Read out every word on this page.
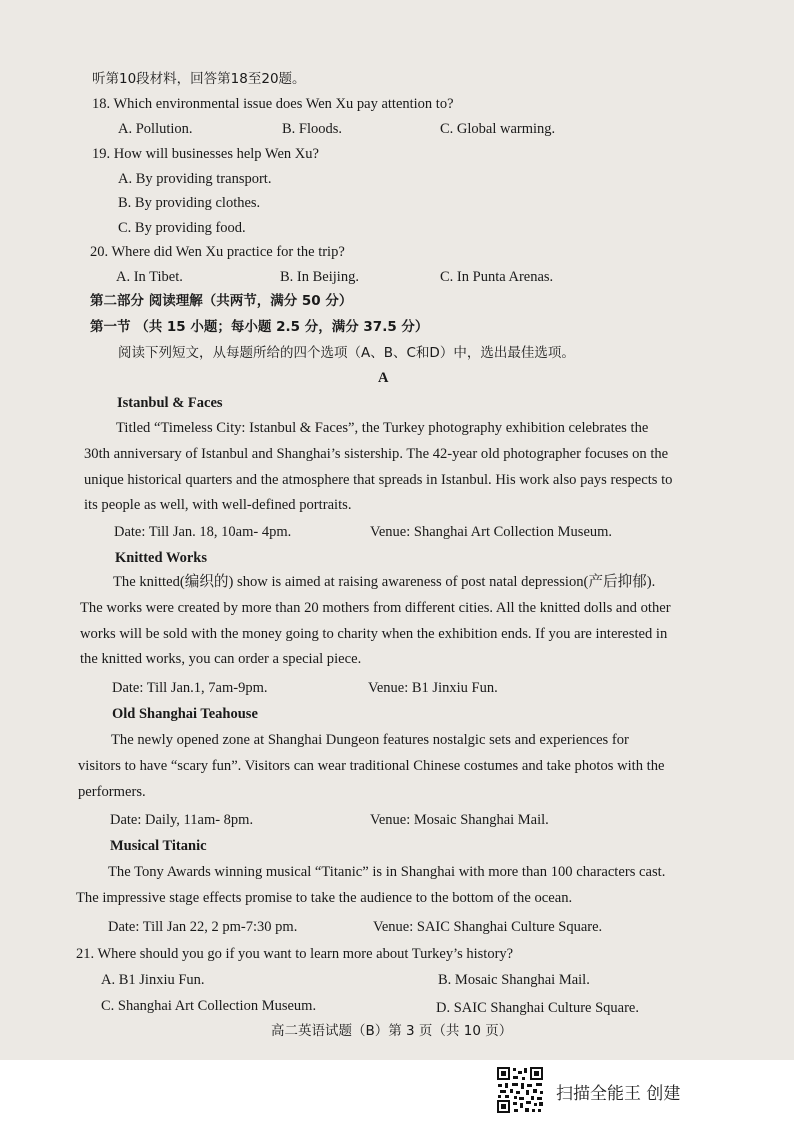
听第10段材料，回答第18至20题。
18. Which environmental issue does Wen Xu pay attention to?
A. Pollution.	B. Floods.	C. Global warming.
19. How will businesses help Wen Xu?
A. By providing transport.
B. By providing clothes.
C. By providing food.
20. Where did Wen Xu practice for the trip?
A. In Tibet.	B. In Beijing.	C. In Punta Arenas.
第二部分 阅读理解（共两节，满分 50 分）
第一节 （共 15 小题；每小题 2.5 分，满分 37.5 分）
阅读下列短文，从每题所给的四个选项（A、B、C和D）中，选出最佳选项。
A
Istanbul & Faces
Titled “Timeless City: Istanbul & Faces”, the Turkey photography exhibition celebrates the
30th anniversary of Istanbul and Shanghai’s sistership. The 42-year old photographer focuses on the
unique historical quarters and the atmosphere that spreads in Istanbul. His work also pays respects to
its people as well, with well-defined portraits.
Date: Till Jan. 18, 10am- 4pm.	Venue: Shanghai Art Collection Museum.
Knitted Works
The knitted(编织的) show is aimed at raising awareness of post natal depression(产后抑郁).
The works were created by more than 20 mothers from different cities. All the knitted dolls and other
works will be sold with the money going to charity when the exhibition ends. If you are interested in
the knitted works, you can order a special piece.
Date: Till Jan.1, 7am-9pm.	Venue: B1 Jinxiu Fun.
Old Shanghai Teahouse
The newly opened zone at Shanghai Dungeon features nostalgic sets and experiences for
visitors to have “scary fun”. Visitors can wear traditional Chinese costumes and take photos with the
performers.
Date: Daily, 11am- 8pm.	Venue: Mosaic Shanghai Mail.
Musical Titanic
The Tony Awards winning musical “Titanic” is in Shanghai with more than 100 characters cast.
The impressive stage effects promise to take the audience to the bottom of the ocean.
Date: Till Jan 22, 2 pm-7:30 pm.	Venue: SAIC Shanghai Culture Square.
21. Where should you go if you want to learn more about Turkey’s history?
A. B1 Jinxiu Fun.	B. Mosaic Shanghai Mail.
C. Shanghai Art Collection Museum.	D. SAIC Shanghai Culture Square.
高二英语试题（B）第 3 页（共 10 页）
扫描全能王 创建
